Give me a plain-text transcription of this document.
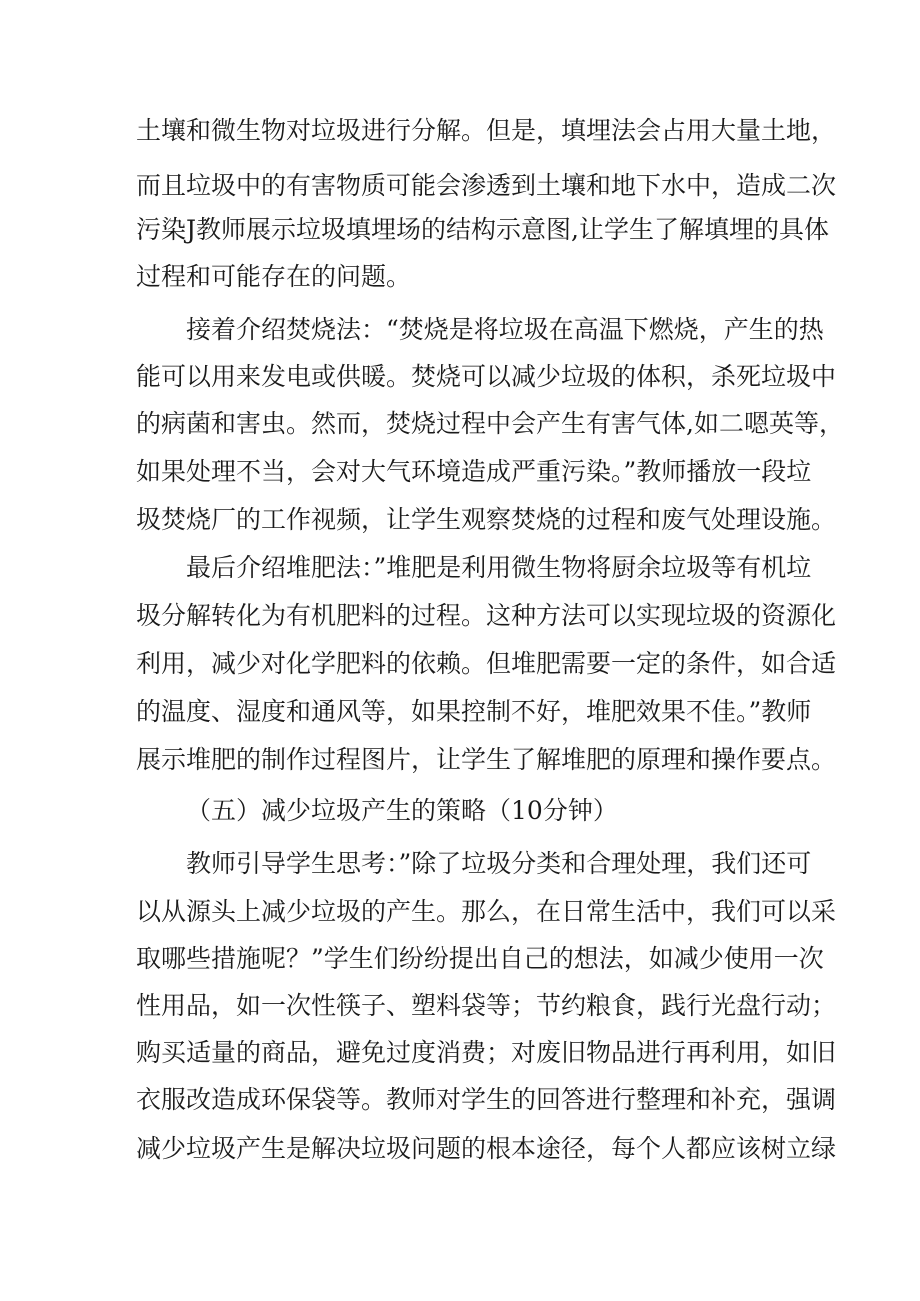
土壤和微生物对垃圾进行分解。但是，填埋法会占用大量土地，
而且垃圾中的有害物质可能会渗透到土壤和地下水中，造成二次
污染J教师展示垃圾填埋场的结构示意图,让学生了解填埋的具体
过程和可能存在的问题。
接着介绍焚烧法：“焚烧是将垃圾在高温下燃烧，产生的热
能可以用来发电或供暖。焚烧可以减少垃圾的体积，杀死垃圾中
的病菌和害虫。然而，焚烧过程中会产生有害气体,如二嗯英等，
如果处理不当，会对大气环境造成严重污染。”教师播放一段垃
圾焚烧厂的工作视频，让学生观察焚烧的过程和废气处理设施。
最后介绍堆肥法：”堆肥是利用微生物将厨余垃圾等有机垃
圾分解转化为有机肥料的过程。这种方法可以实现垃圾的资源化
利用，减少对化学肥料的依赖。但堆肥需要一定的条件，如合适
的温度、湿度和通风等，如果控制不好，堆肥效果不佳。”教师
展示堆肥的制作过程图片，让学生了解堆肥的原理和操作要点。
（五）减少垃圾产生的策略（10分钟）
教师引导学生思考：”除了垃圾分类和合理处理，我们还可
以从源头上减少垃圾的产生。那么，在日常生活中，我们可以采
取哪些措施呢？”学生们纷纷提出自己的想法，如减少使用一次
性用品，如一次性筷子、塑料袋等；节约粮食，践行光盘行动；
购买适量的商品，避免过度消费；对废旧物品进行再利用，如旧
衣服改造成环保袋等。教师对学生的回答进行整理和补充，强调
减少垃圾产生是解决垃圾问题的根本途径，每个人都应该树立绿
